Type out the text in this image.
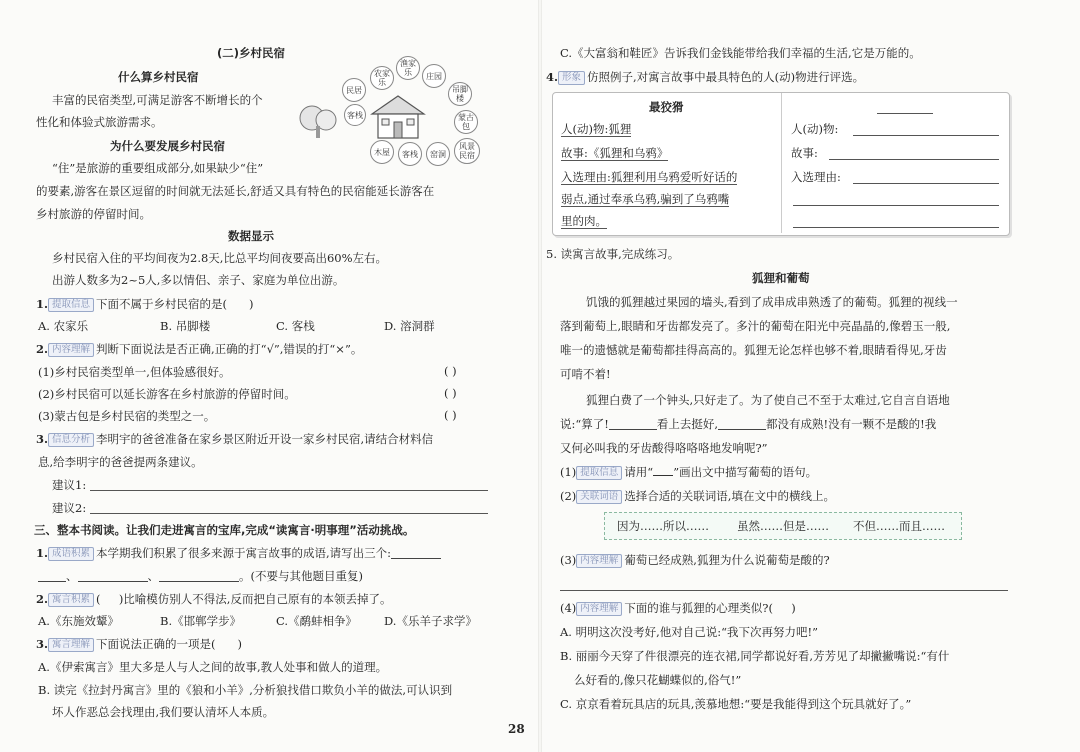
(二)乡村民宿
什么算乡村民宿
丰富的民宿类型,可满足游客不断增长的个
性化和体验式旅游需求。
为什么要发展乡村民宿
“住”是旅游的重要组成部分,如果缺少“住”
的要素,游客在景区逗留的时间就无法延长,舒适又具有特色的民宿能延长游客在
乡村旅游的停留时间。
农家乐
渔家乐	庄园
民居	吊脚楼
客栈
窑洞
蒙古包
客栈
木屋
风景民宿
数据显示
乡村民宿入住的平均间夜为2.8天,比总平均间夜要高出60%左右。
出游人数多为2~5人,多以情侣、亲子、家庭为单位出游。
1. 提取信息 下面不属于乡村民宿的是( )
A. 农家乐	B. 吊脚楼	C. 客栈	D. 溶洞群
2. 内容理解 判断下面说法是否正确,正确的打“√”,错误的打“×”。
(1)乡村民宿类型单一,但体验感很好。	( )
(2)乡村民宿可以延长游客在乡村旅游的停留时间。	( )
(3)蒙古包是乡村民宿的类型之一。	( )
3. 信息分析 李明宇的爸爸准备在家乡景区附近开设一家乡村民宿,请结合材料信
息,给李明宇的爸爸提两条建议。
建议1:
建议2:
三、整本书阅读。让我们走进寓言的宝库,完成“读寓言·明事理”活动挑战。
1. 成语积累 本学期我们积累了很多来源于寓言故事的成语,请写出三个:
、	、	。(不要与其他题目重复)
2. 寓言积累 ( )比喻模仿别人不得法,反而把自己原有的本领丢掉了。
A.《东施效颦》	B.《邯郸学步》	C.《鹬蚌相争》 D.《乐羊子求学》
3. 寓言理解 下面说法正确的一项是( )
A.《伊索寓言》里大多是人与人之间的故事,教人处事和做人的道理。
B. 读完《拉封丹寓言》里的《狼和小羊》,分析狼找借口欺负小羊的做法,可认识到
坏人作恶总会找理由,我们要认清坏人本质。
C.《大富翁和鞋匠》告诉我们金钱能带给我们幸福的生活,它是万能的。
4. 形象 仿照例子,对寓言故事中最具特色的人(动)物进行评选。
最狡猾
人(动)物:狐狸
故事:《狐狸和乌鸦》
入选理由:狐狸利用乌鸦爱听好话的
弱点,通过奉承乌鸦,骗到了乌鸦嘴
里的肉。
人(动)物:
故事:
入选理由:
5. 读寓言故事,完成练习。
狐狸和葡萄
饥饿的狐狸越过果园的墙头,看到了成串成串熟透了的葡萄。狐狸的视线一
落到葡萄上,眼睛和牙齿都发亮了。多汁的葡萄在阳光中亮晶晶的,像碧玉一般,
唯一的遗憾就是葡萄都挂得高高的。狐狸无论怎样也够不着,眼睛看得见,牙齿
可啃不着!
狐狸白费了一个钟头,只好走了。为了使自己不至于太难过,它自言自语地
说:“算了!	看上去挺好,	都没有成熟!没有一颗不是酸的!我
又何必叫我的牙齿酸得咯咯咯地发响呢?”
(1) 提取信息 请用“ ”画出文中描写葡萄的语句。
(2) 关联词语 选择合适的关联词语,填在文中的横线上。
因为……所以…… 虽然……但是…… 不但……而且……
(3) 内容理解 葡萄已经成熟,狐狸为什么说葡萄是酸的?
(4) 内容理解 下面的谁与狐狸的心理类似?( )
A. 明明这次没考好,他对自己说:“我下次再努力吧!”
B. 丽丽今天穿了件很漂亮的连衣裙,同学都说好看,芳芳见了却撇撇嘴说:“有什
么好看的,像只花蝴蝶似的,俗气!”
C. 京京看着玩具店的玩具,羡慕地想:“要是我能得到这个玩具就好了。”
28
